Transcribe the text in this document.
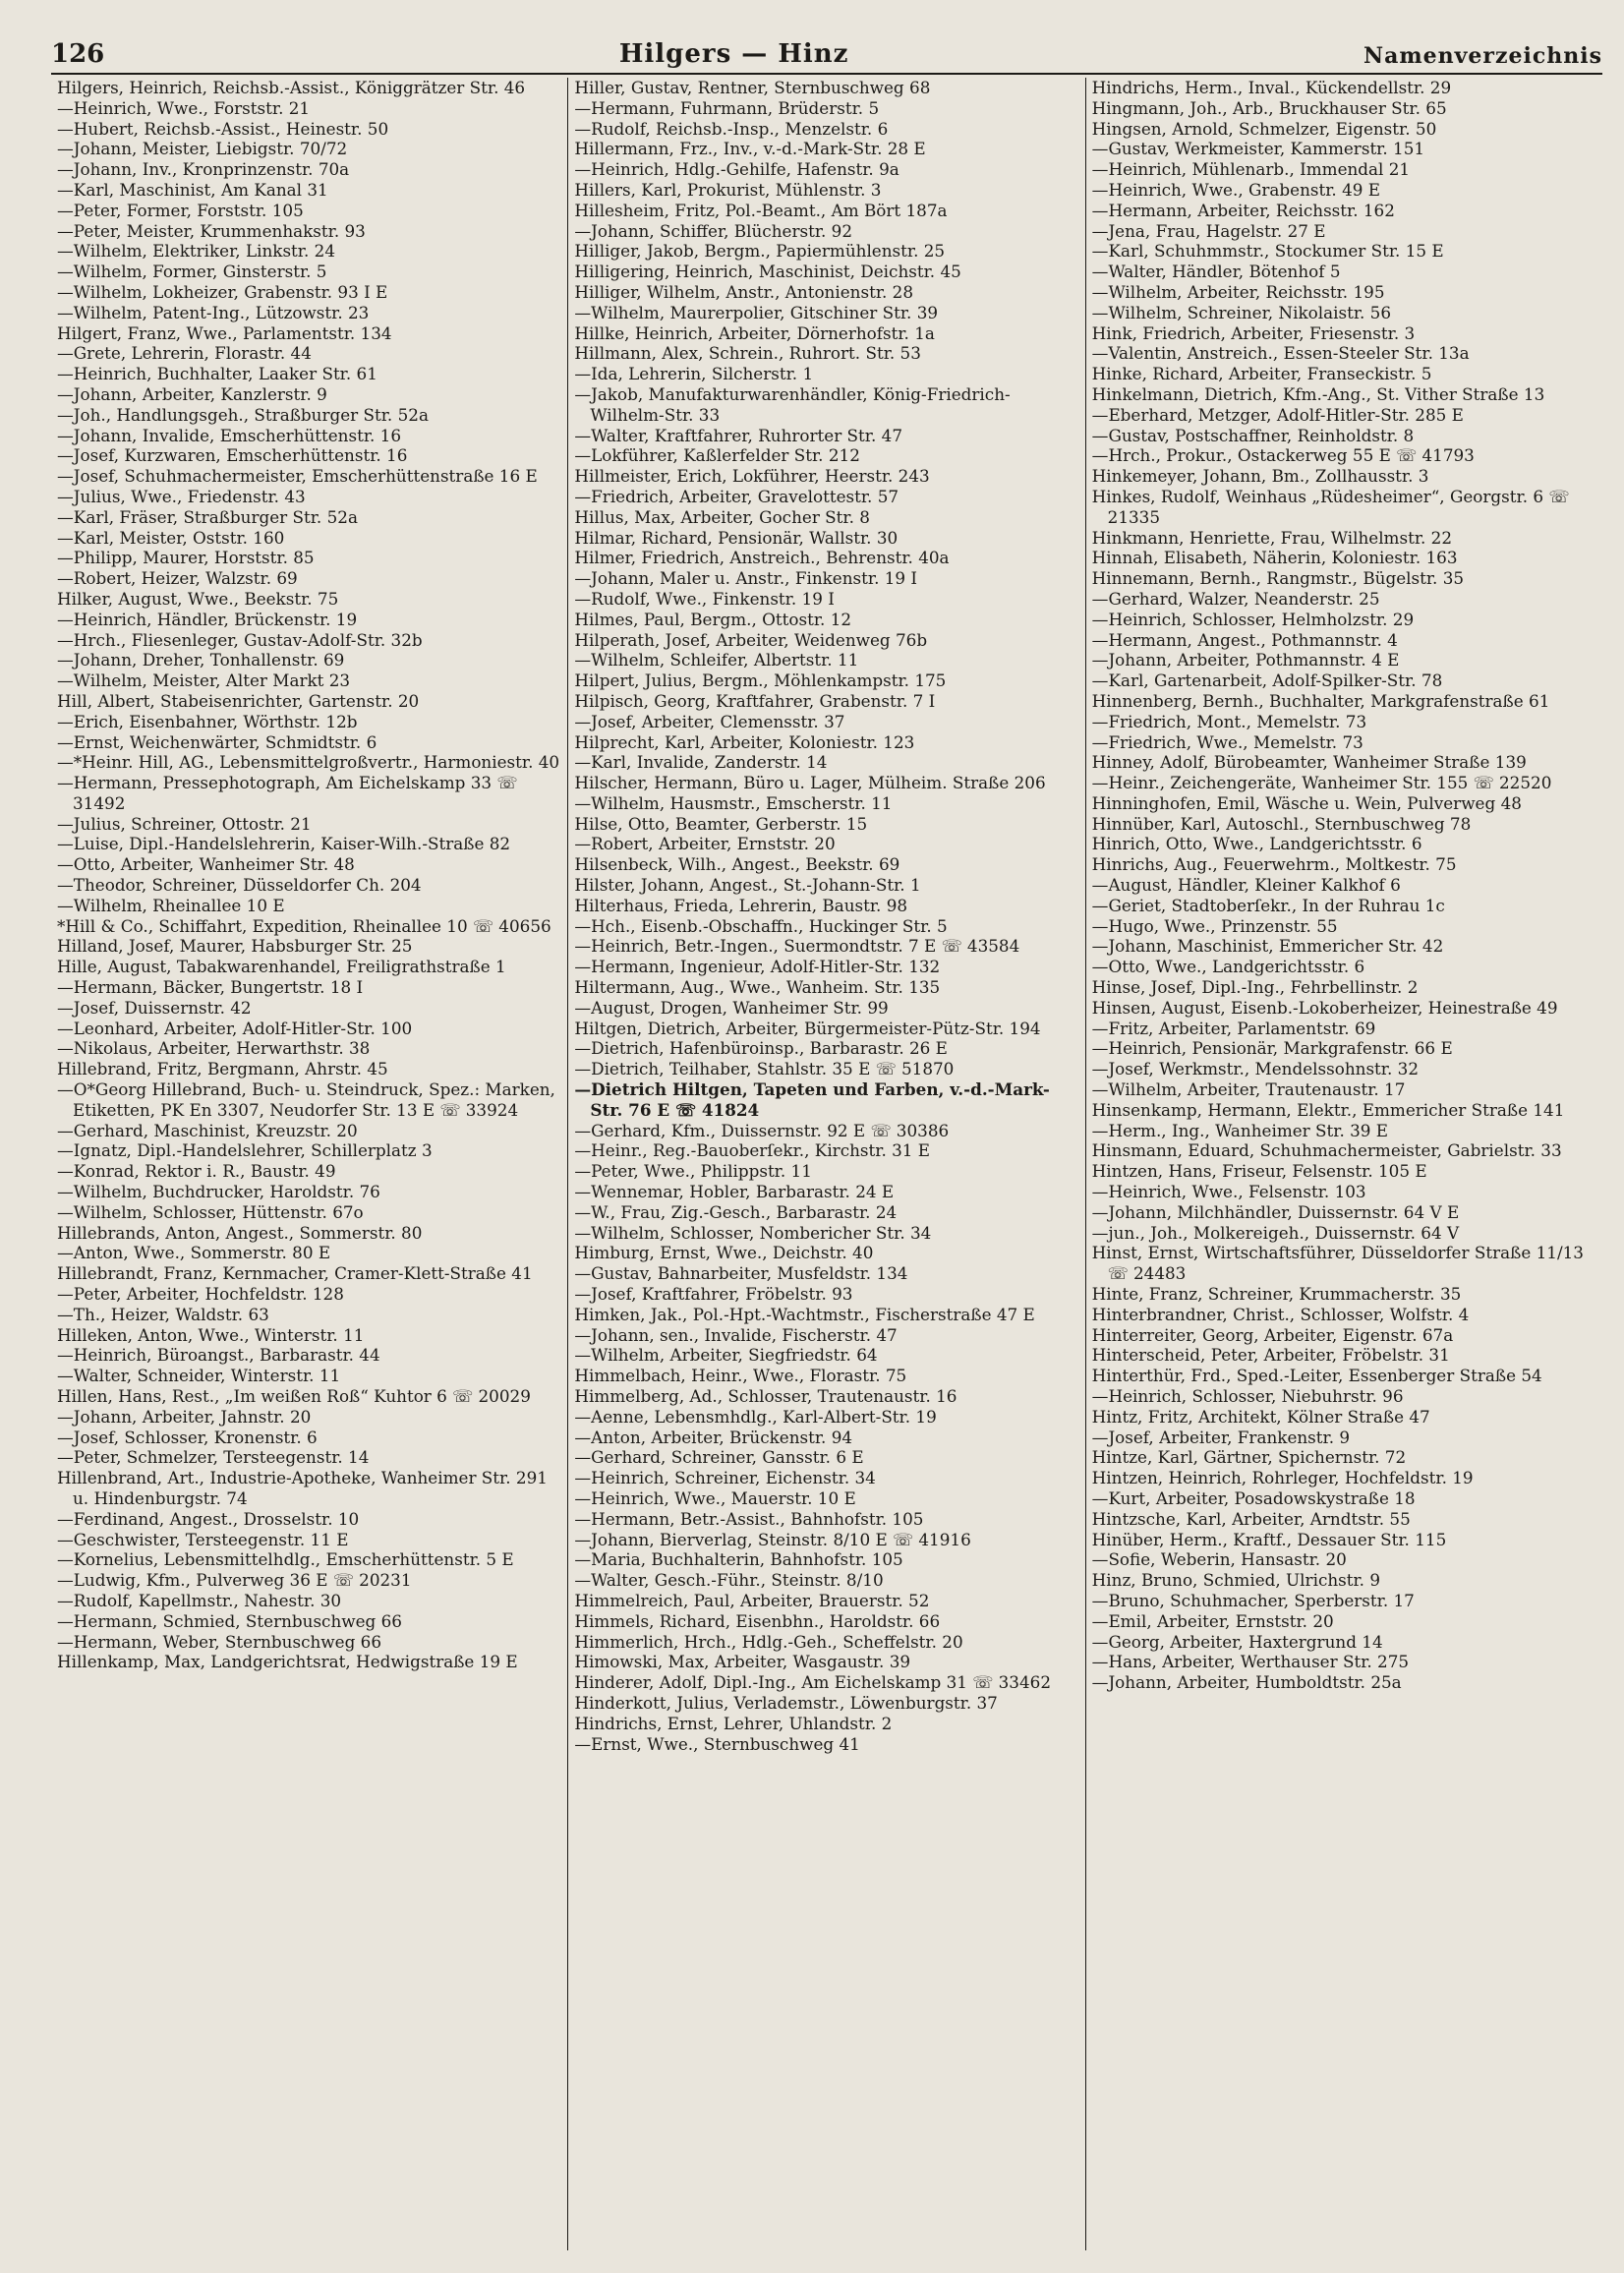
126	Hilgers — Hinz	Namenverzeichnis

Hilgers, Heinrich, Reichsb.-Assist., Königgrätzer Str. 46

—Heinrich, Wwe., Forststr. 21

—Hubert, Reichsb.-Assist., Heinestr. 50

—Johann, Meister, Liebigstr. 70/72

—Johann, Inv., Kronprinzenstr. 70a

—Karl, Maschinist, Am Kanal 31

—Peter, Former, Forststr. 105

—Peter, Meister, Krummenhakstr. 93

—Wilhelm, Elektriker, Linkstr. 24

—Wilhelm, Former, Ginsterstr. 5

—Wilhelm, Lokheizer, Grabenstr. 93 I E

—Wilhelm, Patent-Ing., Lützowstr. 23

Hilgert, Franz, Wwe., Parlamentstr. 134

—Grete, Lehrerin, Florastr. 44

—Heinrich, Buchhalter, Laaker Str. 61

—Johann, Arbeiter, Kanzlerstr. 9

—Joh., Handlungsgeh., Straßburger Str. 52a

—Johann, Invalide, Emscherhüttenstr. 16

—Josef, Kurzwaren, Emscherhüttenstr. 16

—Josef, Schuhmachermeister, Emscherhüttenstraße 16 E

—Julius, Wwe., Friedenstr. 43

—Karl, Fräser, Straßburger Str. 52a

—Karl, Meister, Oststr. 160

—Philipp, Maurer, Horststr. 85

—Robert, Heizer, Walzstr. 69

Hilker, August, Wwe., Beekstr. 75

—Heinrich, Händler, Brückenstr. 19

—Hrch., Fliesenleger, Gustav-Adolf-Str. 32b

—Johann, Dreher, Tonhallenstr. 69

—Wilhelm, Meister, Alter Markt 23

Hill, Albert, Stabeisenrichter, Gartenstr. 20

—Erich, Eisenbahner, Wörthstr. 12b

—Ernst, Weichenwärter, Schmidtstr. 6

—*Heinr. Hill, AG., Lebensmittelgroßvertr., Harmoniestr. 40

—Hermann, Pressephotograph, Am Eichelskamp 33 ☏ 31492

—Julius, Schreiner, Ottostr. 21

—Luise, Dipl.-Handelslehrerin, Kaiser-Wilh.-Straße 82

—Otto, Arbeiter, Wanheimer Str. 48

—Theodor, Schreiner, Düsseldorfer Ch. 204

—Wilhelm, Rheinallee 10 E

*Hill & Co., Schiffahrt, Expedition, Rheinallee 10 ☏ 40656

Hilland, Josef, Maurer, Habsburger Str. 25

Hille, August, Tabakwarenhandel, Freiligrathstraße 1

—Hermann, Bäcker, Bungertstr. 18 I

—Josef, Duissernstr. 42

—Leonhard, Arbeiter, Adolf-Hitler-Str. 100

—Nikolaus, Arbeiter, Herwarthstr. 38

Hillebrand, Fritz, Bergmann, Ahrstr. 45

—O*Georg Hillebrand, Buch- u. Steindruck, Spez.: Marken, Etiketten, PK En 3307, Neudorfer Str. 13 E ☏ 33924

—Gerhard, Maschinist, Kreuzstr. 20

—Ignatz, Dipl.-Handelslehrer, Schillerplatz 3

—Konrad, Rektor i. R., Baustr. 49

—Wilhelm, Buchdrucker, Haroldstr. 76

—Wilhelm, Schlosser, Hüttenstr. 67o

Hillebrands, Anton, Angest., Sommerstr. 80

—Anton, Wwe., Sommerstr. 80 E

Hillebrandt, Franz, Kernmacher, Cramer-Klett-Straße 41

—Peter, Arbeiter, Hochfeldstr. 128

—Th., Heizer, Waldstr. 63

Hilleken, Anton, Wwe., Winterstr. 11

—Heinrich, Büroangst., Barbarastr. 44

—Walter, Schneider, Winterstr. 11

Hillen, Hans, Rest., „Im weißen Roß“ Kuhtor 6 ☏ 20029

—Johann, Arbeiter, Jahnstr. 20

—Josef, Schlosser, Kronenstr. 6

—Peter, Schmelzer, Tersteegenstr. 14

Hillenbrand, Art., Industrie-Apotheke, Wanheimer Str. 291 u. Hindenburgstr. 74

—Ferdinand, Angest., Drosselstr. 10

—Geschwister, Tersteegenstr. 11 E

—Kornelius, Lebensmittelhdlg., Emscherhüttenstr. 5 E

—Ludwig, Kfm., Pulverweg 36 E ☏ 20231

—Rudolf, Kapellmstr., Nahestr. 30

—Hermann, Schmied, Sternbuschweg 66

—Hermann, Weber, Sternbuschweg 66

Hillenkamp, Max, Landgerichtsrat, Hedwigstraße 19 E

Hiller, Gustav, Rentner, Sternbuschweg 68

—Hermann, Fuhrmann, Brüderstr. 5

—Rudolf, Reichsb.-Insp., Menzelstr. 6

Hillermann, Frz., Inv., v.-d.-Mark-Str. 28 E

—Heinrich, Hdlg.-Gehilfe, Hafenstr. 9a

Hillers, Karl, Prokurist, Mühlenstr. 3

Hillesheim, Fritz, Pol.-Beamt., Am Bört 187a

—Johann, Schiffer, Blücherstr. 92

Hilliger, Jakob, Bergm., Papiermühlenstr. 25

Hilligering, Heinrich, Maschinist, Deichstr. 45

Hilliger, Wilhelm, Anstr., Antonienstr. 28

—Wilhelm, Maurerpolier, Gitschiner Str. 39

Hillke, Heinrich, Arbeiter, Dörnerhofstr. 1a

Hillmann, Alex, Schrein., Ruhrort. Str. 53

—Ida, Lehrerin, Silcherstr. 1

—Jakob, Manufakturwarenhändler, König-Friedrich-Wilhelm-Str. 33

—Walter, Kraftfahrer, Ruhrorter Str. 47

—Lokführer, Kaßlerfelder Str. 212

Hillmeister, Erich, Lokführer, Heerstr. 243

—Friedrich, Arbeiter, Gravelottestr. 57

Hillus, Max, Arbeiter, Gocher Str. 8

Hilmar, Richard, Pensionär, Wallstr. 30

Hilmer, Friedrich, Anstreich., Behrenstr. 40a

—Johann, Maler u. Anstr., Finkenstr. 19 I

—Rudolf, Wwe., Finkenstr. 19 I

Hilmes, Paul, Bergm., Ottostr. 12

Hilperath, Josef, Arbeiter, Weidenweg 76b

—Wilhelm, Schleifer, Albertstr. 11

Hilpert, Julius, Bergm., Möhlenkampstr. 175

Hilpisch, Georg, Kraftfahrer, Grabenstr. 7 I

—Josef, Arbeiter, Clemensstr. 37

Hilprecht, Karl, Arbeiter, Koloniestr. 123

—Karl, Invalide, Zanderstr. 14

Hilscher, Hermann, Büro u. Lager, Mülheim. Straße 206

—Wilhelm, Hausmstr., Emscherstr. 11

Hilse, Otto, Beamter, Gerberstr. 15

—Robert, Arbeiter, Ernststr. 20

Hilsenbeck, Wilh., Angest., Beekstr. 69

Hilster, Johann, Angest., St.-Johann-Str. 1

Hilterhaus, Frieda, Lehrerin, Baustr. 98

—Hch., Eisenb.-Obschaffn., Huckinger Str. 5

—Heinrich, Betr.-Ingen., Suermondtstr. 7 E ☏ 43584

—Hermann, Ingenieur, Adolf-Hitler-Str. 132

Hiltermann, Aug., Wwe., Wanheim. Str. 135

—August, Drogen, Wanheimer Str. 99

Hiltgen, Dietrich, Arbeiter, Bürgermeister-Pütz-Str. 194

—Dietrich, Hafenbüroinsp., Barbarastr. 26 E

—Dietrich, Teilhaber, Stahlstr. 35 E ☏ 51870

—Dietrich Hiltgen, Tapeten und Farben, v.-d.-Mark-Str. 76 E ☏ 41824

—Gerhard, Kfm., Duissernstr. 92 E ☏ 30386

—Heinr., Reg.-Bauoberſekr., Kirchstr. 31 E

—Peter, Wwe., Philippstr. 11

—Wennemar, Hobler, Barbarastr. 24 E

—W., Frau, Zig.-Gesch., Barbarastr. 24

—Wilhelm, Schlosser, Nombericher Str. 34

Himburg, Ernst, Wwe., Deichstr. 40

—Gustav, Bahnarbeiter, Musfeldstr. 134

—Josef, Kraftfahrer, Fröbelstr. 93

Himken, Jak., Pol.-Hpt.-Wachtmstr., Fischerstraße 47 E

—Johann, sen., Invalide, Fischerstr. 47

—Wilhelm, Arbeiter, Siegfriedstr. 64

Himmelbach, Heinr., Wwe., Florastr. 75

Himmelberg, Ad., Schlosser, Trautenaustr. 16

—Aenne, Lebensmhdlg., Karl-Albert-Str. 19

—Anton, Arbeiter, Brückenstr. 94

—Gerhard, Schreiner, Gansstr. 6 E

—Heinrich, Schreiner, Eichenstr. 34

—Heinrich, Wwe., Mauerstr. 10 E

—Hermann, Betr.-Assist., Bahnhofstr. 105

—Johann, Bierverlag, Steinstr. 8/10 E ☏ 41916

—Maria, Buchhalterin, Bahnhofstr. 105

—Walter, Gesch.-Führ., Steinstr. 8/10

Himmelreich, Paul, Arbeiter, Brauerstr. 52

Himmels, Richard, Eisenbhn., Haroldstr. 66

Himmerlich, Hrch., Hdlg.-Geh., Scheffelstr. 20

Himowski, Max, Arbeiter, Wasgaustr. 39

Hinderer, Adolf, Dipl.-Ing., Am Eichelskamp 31 ☏ 33462

Hinderkott, Julius, Verlademstr., Löwenburgstr. 37

Hindrichs, Ernst, Lehrer, Uhlandstr. 2

—Ernst, Wwe., Sternbuschweg 41

Hindrichs, Herm., Inval., Kückendellstr. 29

Hingmann, Joh., Arb., Bruckhauser Str. 65

Hingsen, Arnold, Schmelzer, Eigenstr. 50

—Gustav, Werkmeister, Kammerstr. 151

—Heinrich, Mühlenarb., Immendal 21

—Heinrich, Wwe., Grabenstr. 49 E

—Hermann, Arbeiter, Reichsstr. 162

—Jena, Frau, Hagelstr. 27 E

—Karl, Schuhmmstr., Stockumer Str. 15 E

—Walter, Händler, Bötenhof 5

—Wilhelm, Arbeiter, Reichsstr. 195

—Wilhelm, Schreiner, Nikolaistr. 56

Hink, Friedrich, Arbeiter, Friesenstr. 3

—Valentin, Anstreich., Essen-Steeler Str. 13a

Hinke, Richard, Arbeiter, Franseckistr. 5

Hinkelmann, Dietrich, Kfm.-Ang., St. Vither Straße 13

—Eberhard, Metzger, Adolf-Hitler-Str. 285 E

—Gustav, Postschaffner, Reinholdstr. 8

—Hrch., Prokur., Ostackerweg 55 E ☏ 41793

Hinkemeyer, Johann, Bm., Zollhausstr. 3

Hinkes, Rudolf, Weinhaus „Rüdesheimer“, Georgstr. 6 ☏ 21335

Hinkmann, Henriette, Frau, Wilhelmstr. 22

Hinnah, Elisabeth, Näherin, Koloniestr. 163

Hinnemann, Bernh., Rangmstr., Bügelstr. 35

—Gerhard, Walzer, Neanderstr. 25

—Heinrich, Schlosser, Helmholzstr. 29

—Hermann, Angest., Pothmannstr. 4

—Johann, Arbeiter, Pothmannstr. 4 E

—Karl, Gartenarbeit, Adolf-Spilker-Str. 78

Hinnenberg, Bernh., Buchhalter, Markgrafenstraße 61

—Friedrich, Mont., Memelstr. 73

—Friedrich, Wwe., Memelstr. 73

Hinney, Adolf, Bürobeamter, Wanheimer Straße 139

—Heinr., Zeichengeräte, Wanheimer Str. 155 ☏ 22520

Hinninghofen, Emil, Wäsche u. Wein, Pulverweg 48

Hinnüber, Karl, Autoschl., Sternbuschweg 78

Hinrich, Otto, Wwe., Landgerichtsstr. 6

Hinrichs, Aug., Feuerwehrm., Moltkestr. 75

—August, Händler, Kleiner Kalkhof 6

—Geriet, Stadtoberſekr., In der Ruhrau 1c

—Hugo, Wwe., Prinzenstr. 55

—Johann, Maschinist, Emmericher Str. 42

—Otto, Wwe., Landgerichtsstr. 6

Hinse, Josef, Dipl.-Ing., Fehrbellinstr. 2

Hinsen, August, Eisenb.-Lokoberheizer, Heinestraße 49

—Fritz, Arbeiter, Parlamentstr. 69

—Heinrich, Pensionär, Markgrafenstr. 66 E

—Josef, Werkmstr., Mendelssohnstr. 32

—Wilhelm, Arbeiter, Trautenaustr. 17

Hinsenkamp, Hermann, Elektr., Emmericher Straße 141

—Herm., Ing., Wanheimer Str. 39 E

Hinsmann, Eduard, Schuhmachermeister, Gabrielstr. 33

Hintzen, Hans, Friseur, Felsenstr. 105 E

—Heinrich, Wwe., Felsenstr. 103

—Johann, Milchhändler, Duissernstr. 64 V E

—jun., Joh., Molkereigeh., Duissernstr. 64 V

Hinst, Ernst, Wirtschaftsführer, Düsseldorfer Straße 11/13 ☏ 24483

Hinte, Franz, Schreiner, Krummacherstr. 35

Hinterbrandner, Christ., Schlosser, Wolfstr. 4

Hinterreiter, Georg, Arbeiter, Eigenstr. 67a

Hinterscheid, Peter, Arbeiter, Fröbelstr. 31

Hinterthür, Frd., Sped.-Leiter, Essenberger Straße 54

—Heinrich, Schlosser, Niebuhrstr. 96

Hintz, Fritz, Architekt, Kölner Straße 47

—Josef, Arbeiter, Frankenstr. 9

Hintze, Karl, Gärtner, Spichernstr. 72

Hintzen, Heinrich, Rohrleger, Hochfeldstr. 19

—Kurt, Arbeiter, Posadowskystraße 18

Hintzsche, Karl, Arbeiter, Arndtstr. 55

Hinüber, Herm., Kraftf., Dessauer Str. 115

—Sofie, Weberin, Hansastr. 20

Hinz, Bruno, Schmied, Ulrichstr. 9

—Bruno, Schuhmacher, Sperberstr. 17

—Emil, Arbeiter, Ernststr. 20

—Georg, Arbeiter, Haxtergrund 14

—Hans, Arbeiter, Werthauser Str. 275

—Johann, Arbeiter, Humboldtstr. 25a
